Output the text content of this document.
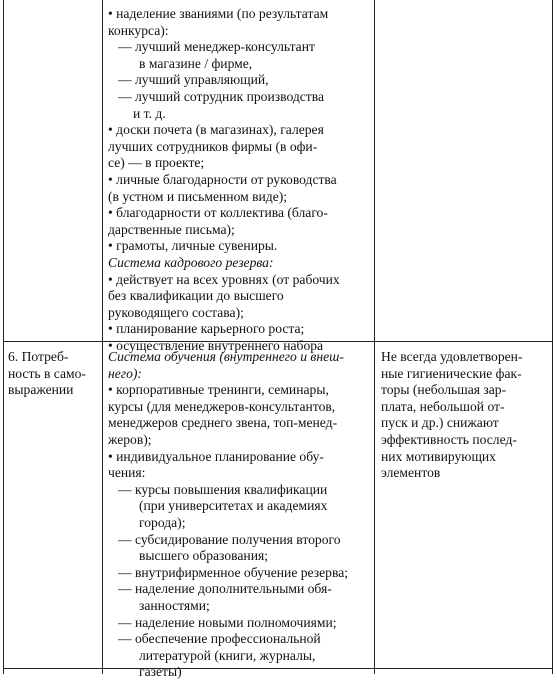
• наделение званиями (по результатам
конкурса):
— лучший менеджер-консультант
в магазине / фирме,
— лучший управляющий,
— лучший сотрудник производства
и т. д.
• доски почета (в магазинах), галерея
лучших сотрудников фирмы (в офи-
се) — в проекте;
• личные благодарности от руководства
(в устном и письменном виде);
• благодарности от коллектива (благо-
дарственные письма);
• грамоты, личные сувениры.
Система кадрового резерва:
• действует на всех уровнях (от рабочих
без квалификации до высшего
руководящего состава);
• планирование карьерного роста;
• осуществление внутреннего набора
6. Потреб-
ность в само-
выражении
Система обучения (внутреннего и внеш-
него):
• корпоративные тренинги, семинары,
курсы (для менеджеров-консультантов,
менеджеров среднего звена, топ-менед-
жеров);
• индивидуальное планирование обу-
чения:
— курсы повышения квалификации
(при университетах и академиях
города);
— субсидирование получения второго
высшего образования;
— внутрифирменное обучение резерва;
— наделение дополнительными обя-
занностями;
— наделение новыми полномочиями;
— обеспечение профессиональной
литературой (книги, журналы,
газеты)
Не всегда удовлетворен-
ные гигиенические фак-
торы (небольшая зар-
плата, небольшой от-
пуск и др.) снижают
эффективность послед-
них мотивирующих
элементов
